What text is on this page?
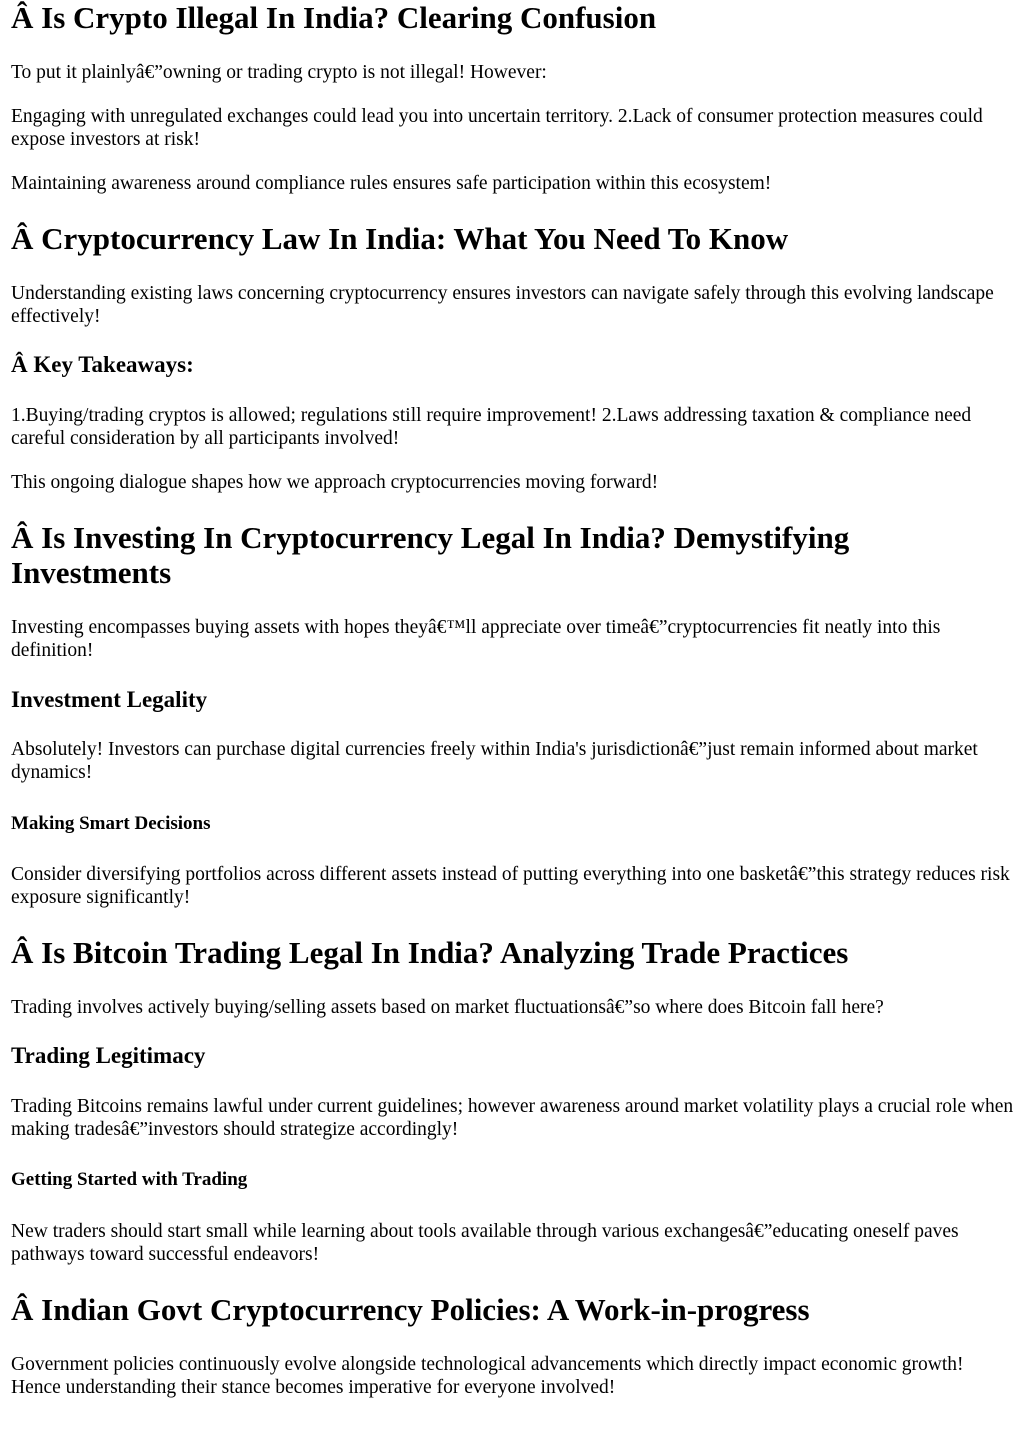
Â Is Crypto Illegal In India? Clearing Confusion

To put it plainlyâ€”owning or trading crypto is not illegal! However:

Engaging with unregulated exchanges could lead you into uncertain territory. 2.Lack of consumer protection measures could expose investors at risk!

Maintaining awareness around compliance rules ensures safe participation within this ecosystem!

Â Cryptocurrency Law In India: What You Need To Know

Understanding existing laws concerning cryptocurrency ensures investors can navigate safely through this evolving landscape effectively!

Â Key Takeaways:

1.Buying/trading cryptos is allowed; regulations still require improvement! 2.Laws addressing taxation & compliance need careful consideration by all participants involved!

This ongoing dialogue shapes how we approach cryptocurrencies moving forward!

Â Is Investing In Cryptocurrency Legal In India? Demystifying Investments

Investing encompasses buying assets with hopes theyâ€™ll appreciate over timeâ€”cryptocurrencies fit neatly into this definition!

Investment Legality

Absolutely! Investors can purchase digital currencies freely within India's jurisdictionâ€”just remain informed about market dynamics!

Making Smart Decisions

Consider diversifying portfolios across different assets instead of putting everything into one basketâ€”this strategy reduces risk exposure significantly!

Â Is Bitcoin Trading Legal In India? Analyzing Trade Practices

Trading involves actively buying/selling assets based on market fluctuationsâ€”so where does Bitcoin fall here?

Trading Legitimacy

Trading Bitcoins remains lawful under current guidelines; however awareness around market volatility plays a crucial role when making tradesâ€”investors should strategize accordingly!

Getting Started with Trading

New traders should start small while learning about tools available through various exchangesâ€”educating oneself paves pathways toward successful endeavors!

Â Indian Govt Cryptocurrency Policies: A Work-in-progress

Government policies continuously evolve alongside technological advancements which directly impact economic growth! Hence understanding their stance becomes imperative for everyone involved!
